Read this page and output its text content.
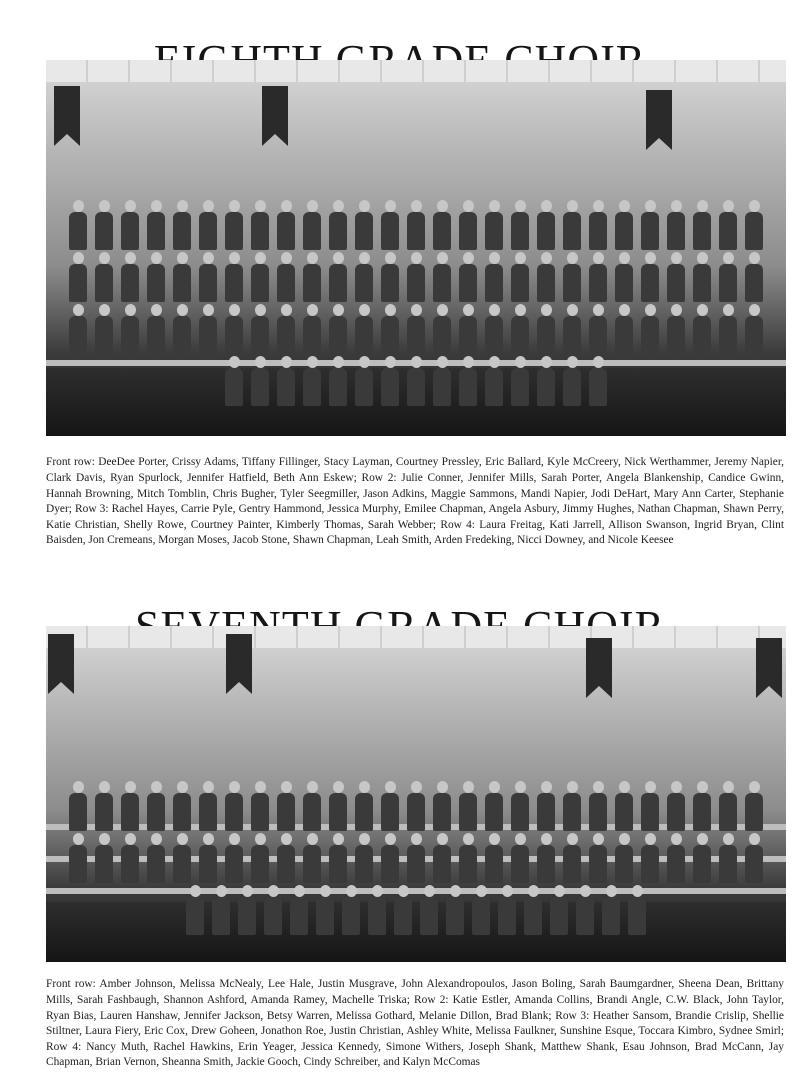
Front row: DeeDee Porter, Crissy Adams, Tiffany Fillinger, Stacy Layman, Courtney Pressley, Eric Ballard, Kyle McCreery, Nick Werthammer, Jeremy Napier, Clark Davis, Ryan Spurlock, Jennifer Hatfield, Beth Ann Eskew; Row 2: Julie Conner, Jennifer Mills, Sarah Porter, Angela Blankenship, Candice Gwinn, Hannah Browning, Mitch Tomblin, Chris Bugher, Tyler Seegmiller, Jason Adkins, Maggie Sammons, Mandi Napier, Jodi DeHart, Mary Ann Carter, Stephanie Dyer; Row 3: Rachel Hayes, Carrie Pyle, Gentry Hammond, Jessica Murphy, Emilee Chapman, Angela Asbury, Jimmy Hughes, Nathan Chapman, Shawn Perry, Katie Christian, Shelly Rowe, Courtney Painter, Kimberly Thomas, Sarah Webber; Row 4: Laura Freitag, Kati Jarrell, Allison Swanson, Ingrid Bryan, Clint Baisden, Jon Cremeans, Morgan Moses, Jacob Stone, Shawn Chapman, Leah Smith, Arden Fredeking, Nicci Downey, and Nicole Keesee

Front row: Amber Johnson, Melissa McNealy, Lee Hale, Justin Musgrave, John Alexandropoulos, Jason Boling, Sarah Baumgardner, Sheena Dean, Brittany Mills, Sarah Fashbaugh, Shannon Ashford, Amanda Ramey, Machelle Triska; Row 2: Katie Estler, Amanda Collins, Brandi Angle, C.W. Black, John Taylor, Ryan Bias, Lauren Hanshaw, Jennifer Jackson, Betsy Warren, Melissa Gothard, Melanie Dillon, Brad Blank; Row 3: Heather Sansom, Brandie Crislip, Shellie Stiltner, Laura Fiery, Eric Cox, Drew Goheen, Jonathon Roe, Justin Christian, Ashley White, Melissa Faulkner, Sunshine Esque, Toccara Kimbro, Sydnee Smirl; Row 4: Nancy Muth, Rachel Hawkins, Erin Yeager, Jessica Kennedy, Simone Withers, Joseph Shank, Matthew Shank, Esau Johnson, Brad McCann, Jay Chapman, Brian Vernon, Sheanna Smith, Jackie Gooch, Cindy Schreiber, and Kalyn McComas
